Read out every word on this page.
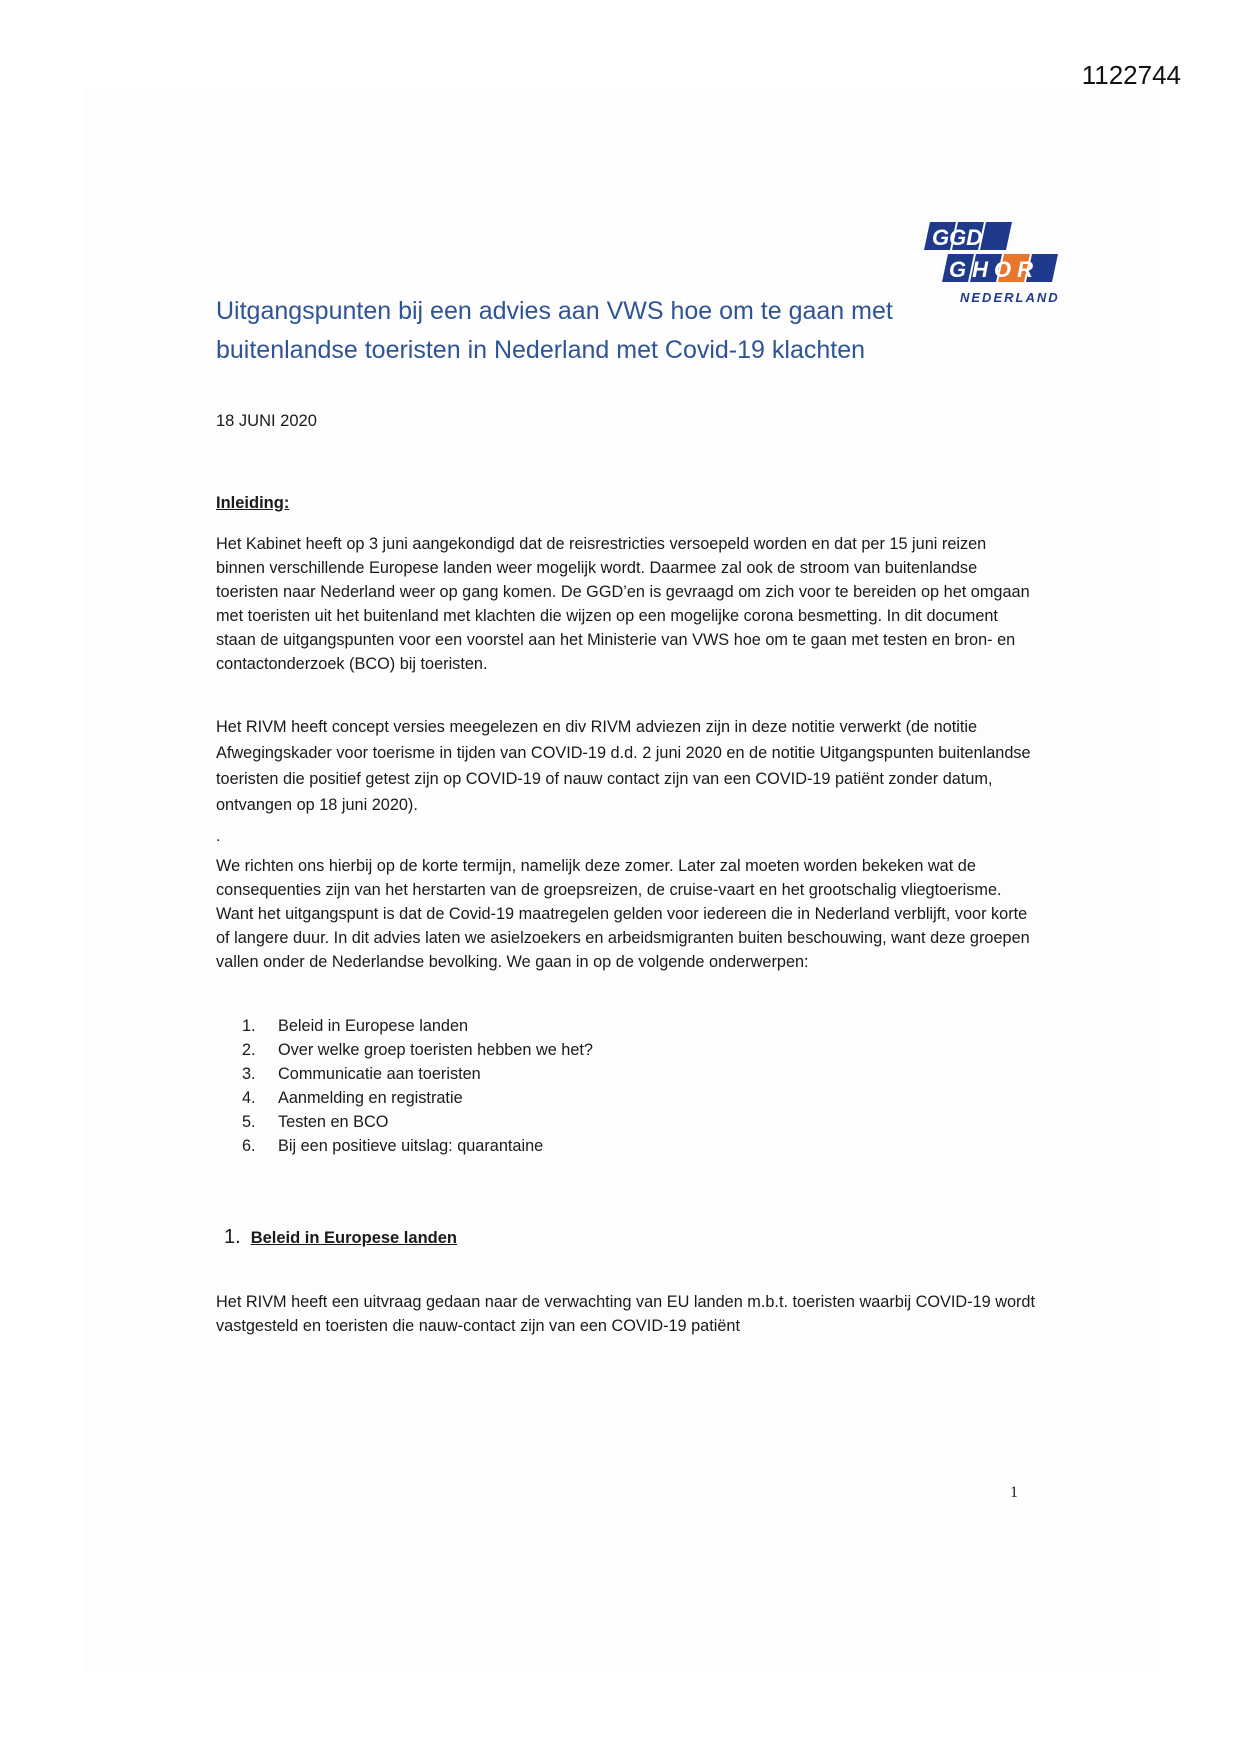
1122744
GGD
GHOR
NEDERLAND
Uitgangspunten bij een advies aan VWS hoe om te gaan met buitenlandse toeristen in Nederland met Covid-19 klachten
18 JUNI 2020
Inleiding:

Het Kabinet heeft op 3 juni aangekondigd dat de reisrestricties versoepeld worden en dat per 15 juni reizen binnen verschillende Europese landen weer mogelijk wordt. Daarmee zal ook de stroom van buitenlandse toeristen naar Nederland weer op gang komen. De GGD’en is gevraagd om zich voor te bereiden op het omgaan met toeristen uit het buitenland met klachten die wijzen op een mogelijke corona besmetting. In dit document staan de uitgangspunten voor een voorstel aan het Ministerie van VWS hoe om te gaan met testen en bron- en contactonderzoek (BCO) bij toeristen.

Het RIVM heeft concept versies meegelezen en div RIVM adviezen zijn in deze notitie verwerkt (de notitie Afwegingskader voor toerisme in tijden van COVID-19 d.d. 2 juni 2020 en de notitie Uitgangspunten buitenlandse toeristen die positief getest zijn op COVID-19 of nauw contact zijn van een COVID-19 patiënt zonder datum, ontvangen op 18 juni 2020).

.

We richten ons hierbij op de korte termijn, namelijk deze zomer. Later zal moeten worden bekeken wat de consequenties zijn van het herstarten van de groepsreizen, de cruise-vaart en het grootschalig vliegtoerisme. Want het uitgangspunt is dat de Covid-19 maatregelen gelden voor iedereen die in Nederland verblijft, voor korte of langere duur. In dit advies laten we asielzoekers en arbeidsmigranten buiten beschouwing, want deze groepen vallen onder de Nederlandse bevolking. We gaan in op de volgende onderwerpen:

1.	Beleid in Europese landen
2.	Over welke groep toeristen hebben we het?
3.	Communicatie aan toeristen
4.	Aanmelding en registratie
5.	Testen en BCO
6.	Bij een positieve uitslag: quarantaine
1. Beleid in Europese landen

Het RIVM heeft een uitvraag gedaan naar de verwachting van EU landen m.b.t. toeristen waarbij COVID-19 wordt vastgesteld en toeristen die nauw-contact zijn van een COVID-19 patiënt

1
